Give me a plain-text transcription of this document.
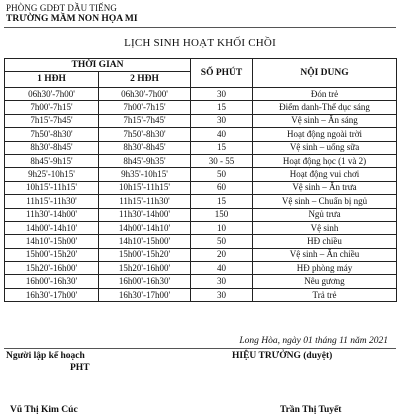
PHÒNG GDĐT DẦU TIẾNG
TRƯỜNG MẦM NON HỌA MI
LỊCH SINH HOẠT KHỐI CHỒI
THỜI GIAN		SỐ PHÚT	NỘI DUNG
1 HĐH	2 HĐH		
06h30'-7h00'	06h30'-7h00'	30	Đón trẻ
7h00'-7h15'	7h00'-7h15'	15	Điểm danh-Thể dục sáng
7h15'-7h45'	7h15'-7h45'	30	Vệ sinh – Ăn sáng
7h50'-8h30'	7h50'-8h30'	40	Hoạt động ngoài trời
8h30'-8h45'	8h30'-8h45'	15	Vệ sinh – uống sữa
8h45'-9h15'	8h45'-9h35'	30 - 55	Hoạt động học (1 và 2)
9h25'-10h15'	9h35'-10h15'	50	Hoạt động vui chơi
10h15'-11h15'	10h15'-11h15'	60	Vệ sinh – Ăn trưa
11h15'-11h30'	11h15'-11h30'	15	Vệ sinh – Chuẩn bị ngủ
11h30'-14h00'	11h30'-14h00'	150	Ngủ trưa
14h00'-14h10'	14h00'-14h10'	10	Vệ sinh
14h10'-15h00'	14h10'-15h00'	50	HĐ chiều
15h00'-15h20'	15h00'-15h20'	20	Vệ sinh – Ăn chiều
15h20'-16h00'	15h20'-16h00'	40	HĐ phòng máy
16h00'-16h30'	16h00'-16h30'	30	Nêu gương
16h30'-17h00'	16h30'-17h00'	30	Trả trẻ
Long Hòa, ngày 01 tháng 11 năm 2021
Người lập kế hoạch
PHT
HIỆU TRƯỞNG (duyệt)
Vũ Thị Kim Cúc	Trần Thị Tuyết
